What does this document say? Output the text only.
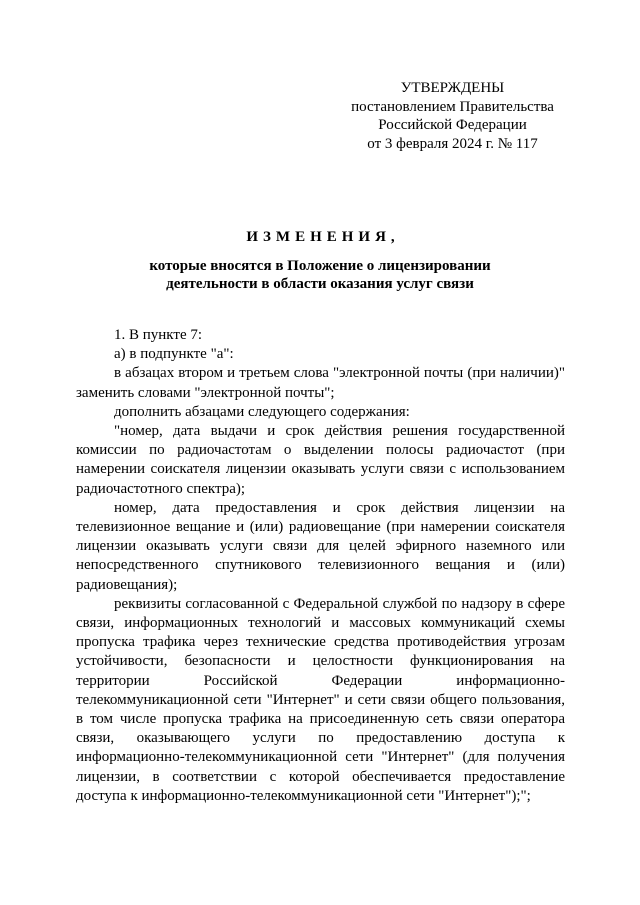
УТВЕРЖДЕНЫ
постановлением Правительства
Российской Федерации
от 3 февраля 2024 г. № 117
ИЗМЕНЕНИЯ,
которые вносятся в Положение о лицензировании
деятельности в области оказания услуг связи

1. В пункте 7:

а) в подпункте "а":

в абзацах втором и третьем слова "электронной почты (при наличии)" заменить словами "электронной почты";

дополнить абзацами следующего содержания:

"номер, дата выдачи и срок действия решения государственной комиссии по радиочастотам о выделении полосы радиочастот (при намерении соискателя лицензии оказывать услуги связи с использованием радиочастотного спектра);

номер, дата предоставления и срок действия лицензии на телевизионное вещание и (или) радиовещание (при намерении соискателя лицензии оказывать услуги связи для целей эфирного наземного или непосредственного спутникового телевизионного вещания и (или) радиовещания);

реквизиты согласованной с Федеральной службой по надзору в сфере связи, информационных технологий и массовых коммуникаций схемы пропуска трафика через технические средства противодействия угрозам устойчивости, безопасности и целостности функционирования на территории Российской Федерации информационно-телекоммуникационной сети "Интернет" и сети связи общего пользования, в том числе пропуска трафика на присоединенную сеть связи оператора связи, оказывающего услуги по предоставлению доступа к информационно-телекоммуникационной сети "Интернет" (для получения лицензии, в соответствии с которой обеспечивается предоставление доступа к информационно-телекоммуникационной сети "Интернет");";
